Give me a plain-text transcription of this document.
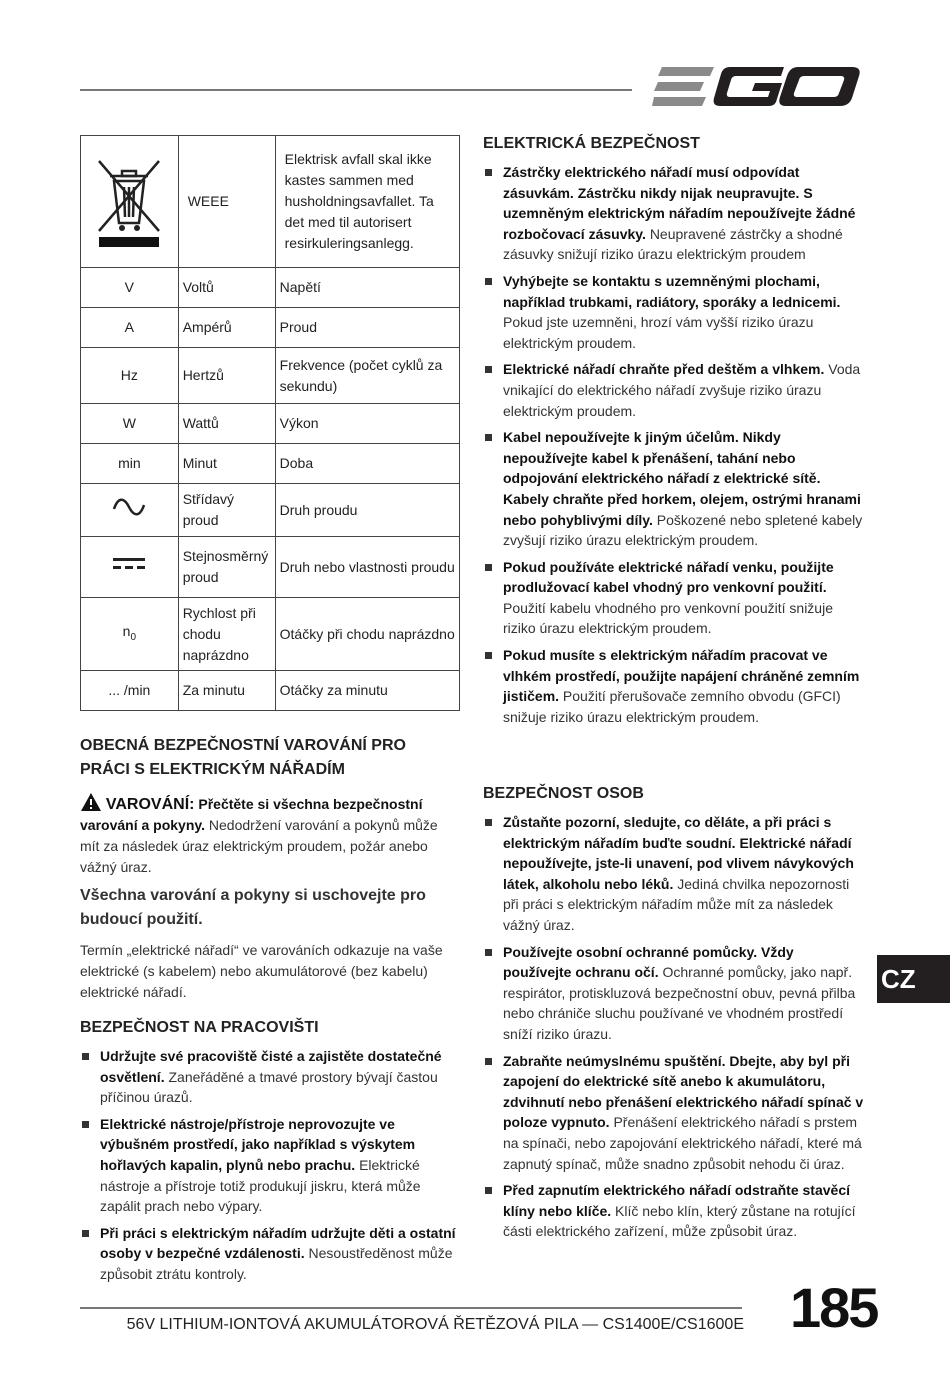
	WEEE	Elektrisk avfall skal ikke kastes sammen med husholdningsavfallet. Ta det med til autorisert resirkuleringsanlegg.
V	Voltů	Napětí
A	Ampérů	Proud
Hz	Hertzů	Frekvence (počet cyklů za sekundu)
W	Wattů	Výkon
min	Minut	Doba
	Střídavý proud	Druh proudu
	Stejnosměrný proud	Druh nebo vlastnosti proudu
$n_0$	Rychlost při chodu naprázdno	Otáčky při chodu naprázdno
... /min	Za minutu	Otáčky za minutu
OBECNÁ BEZPEČNOSTNÍ VAROVÁNÍ PRO PRÁCI S ELEKTRICKÝM NÁŘADÍM

VAROVÁNÍ: Přečtěte si všechna bezpečnostní varování a pokyny. Nedodržení varování a pokynů může mít za následek úraz elektrickým proudem, požár anebo vážný úraz.

Všechna varování a pokyny si uschovejte pro budoucí použití.

Termín „elektrické nářadí“ ve varováních odkazuje na vaše elektrické (s kabelem) nebo akumulátorové (bez kabelu) elektrické nářadí.

BEZPEČNOST NA PRACOVIŠTI
Udržujte své pracoviště čisté a zajistěte dostatečné osvětlení. Zaneřáděné a tmavé prostory bývají častou příčinou úrazů.
Elektrické nástroje/přístroje neprovozujte ve výbušném prostředí, jako například s výskytem hořlavých kapalin, plynů nebo prachu. Elektrické nástroje a přístroje totiž produkují jiskru, která může zapálit prach nebo výpary.
Při práci s elektrickým nářadím udržujte děti a ostatní osoby v bezpečné vzdálenosti. Nesoustředěnost může způsobit ztrátu kontroly.
ELEKTRICKÁ BEZPEČNOST
Zástrčky elektrického nářadí musí odpovídat zásuvkám. Zástrčku nikdy nijak neupravujte. S uzemněným elektrickým nářadím nepoužívejte žádné rozbočovací zásuvky. Neupravené zástrčky a shodné zásuvky snižují riziko úrazu elektrickým proudem
Vyhýbejte se kontaktu s uzemněnými plochami, například trubkami, radiátory, sporáky a lednicemi. Pokud jste uzemněni, hrozí vám vyšší riziko úrazu elektrickým proudem.
Elektrické nářadí chraňte před deštěm a vlhkem. Voda vnikající do elektrického nářadí zvyšuje riziko úrazu elektrickým proudem.
Kabel nepoužívejte k jiným účelům. Nikdy nepoužívejte kabel k přenášení, tahání nebo odpojování elektrického nářadí z elektrické sítě. Kabely chraňte před horkem, olejem, ostrými hranami nebo pohyblivými díly. Poškozené nebo spletené kabely zvyšují riziko úrazu elektrickým proudem.
Pokud používáte elektrické nářadí venku, použijte prodlužovací kabel vhodný pro venkovní použití. Použití kabelu vhodného pro venkovní použití snižuje riziko úrazu elektrickým proudem.
Pokud musíte s elektrickým nářadím pracovat ve vlhkém prostředí, použijte napájení chráněné zemním jističem. Použití přerušovače zemního obvodu (GFCI) snižuje riziko úrazu elektrickým proudem.
BEZPEČNOST OSOB
Zůstaňte pozorní, sledujte, co děláte, a při práci s elektrickým nářadím buďte soudní. Elektrické nářadí nepoužívejte, jste-li unavení, pod vlivem návykových látek, alkoholu nebo léků. Jediná chvilka nepozornosti při práci s elektrickým nářadím může mít za následek vážný úraz.
Používejte osobní ochranné pomůcky. Vždy používejte ochranu očí. Ochranné pomůcky, jako např. respirátor, protiskluzová bezpečnostní obuv, pevná přilba nebo chrániče sluchu používané ve vhodném prostředí sníží riziko úrazu.
Zabraňte neúmyslnému spuštění. Dbejte, aby byl při zapojení do elektrické sítě anebo k akumulátoru, zdvihnutí nebo přenášení elektrického nářadí spínač v poloze vypnuto. Přenášení elektrického nářadí s prstem na spínači, nebo zapojování elektrického nářadí, které má zapnutý spínač, může snadno způsobit nehodu či úraz.
Před zapnutím elektrického nářadí odstraňte stavěcí klíny nebo klíče. Klíč nebo klín, který zůstane na rotující části elektrického zařízení, může způsobit úraz.
CZ
56V LITHIUM-IONTOVÁ AKUMULÁTOROVÁ ŘETĚZOVÁ PILA — CS1400E/CS1600E 185
